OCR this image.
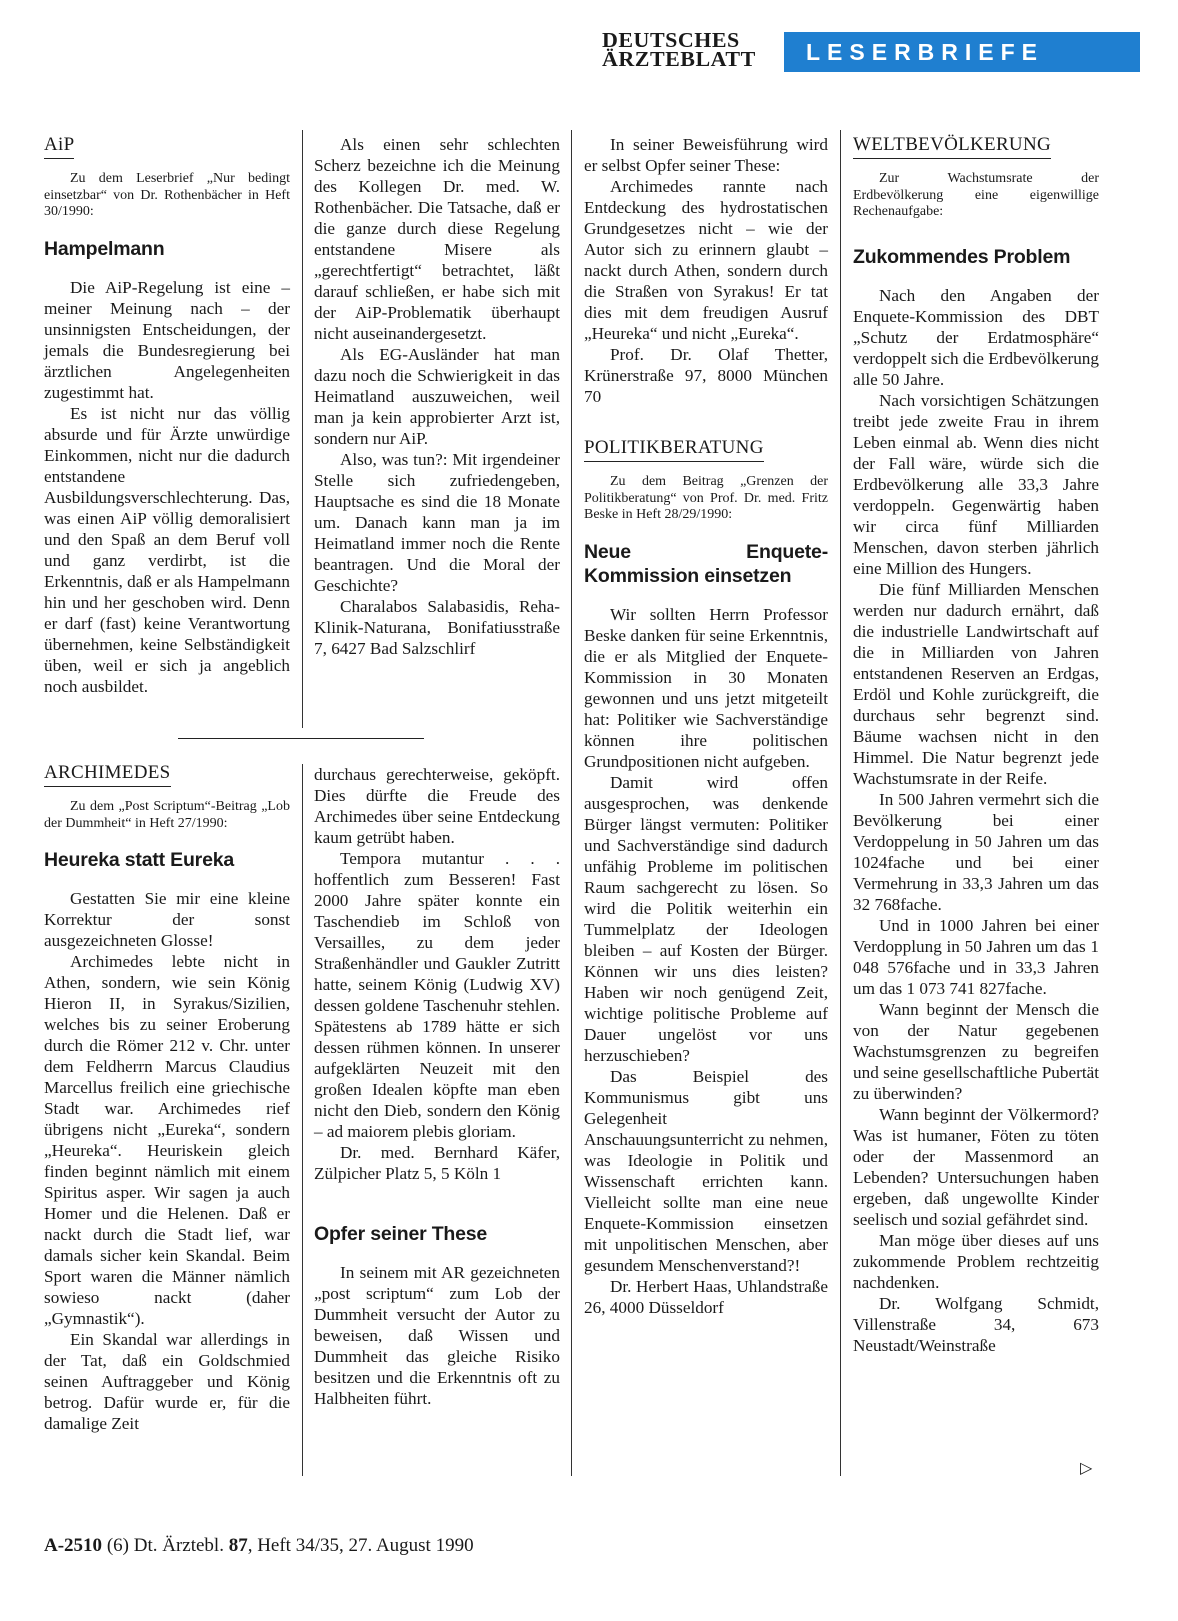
DEUTSCHES
ÄRZTEBLATT	LESERBRIEFE
AiP
Zu dem Leserbrief „Nur bedingt einsetzbar“ von Dr. Rothenbächer in Heft 30/1990:
Hampelmann

Die AiP-Regelung ist eine – meiner Meinung nach – der unsinnigsten Entscheidungen, der jemals die Bundesregierung bei ärztlichen Angelegenheiten zugestimmt hat.

Es ist nicht nur das völlig absurde und für Ärzte unwürdige Einkommen, nicht nur die dadurch entstandene Ausbildungsverschlechterung. Das, was einen AiP völlig demoralisiert und den Spaß an dem Beruf voll und ganz verdirbt, ist die Erkenntnis, daß er als Hampelmann hin und her geschoben wird. Denn er darf (fast) keine Verantwortung übernehmen, keine Selbständigkeit üben, weil er sich ja angeblich noch ausbildet.

Als einen sehr schlechten Scherz bezeichne ich die Meinung des Kollegen Dr. med. W. Rothenbächer. Die Tatsache, daß er die ganze durch diese Regelung entstandene Misere als „gerechtfertigt“ betrachtet, läßt darauf schließen, er habe sich mit der AiP-Problematik überhaupt nicht auseinandergesetzt.

Als EG-Ausländer hat man dazu noch die Schwierigkeit in das Heimatland auszuweichen, weil man ja kein approbierter Arzt ist, sondern nur AiP.

Also, was tun?: Mit irgendeiner Stelle sich zufriedengeben, Hauptsache es sind die 18 Monate um. Danach kann man ja im Heimatland immer noch die Rente beantragen. Und die Moral der Geschichte?

Charalabos Salabasidis, Reha-Klinik-Naturana, Bonifatiusstraße 7, 6427 Bad Salzschlirf

ARCHIMEDES
Zu dem „Post Scriptum“-Beitrag „Lob der Dummheit“ in Heft 27/1990:
Heureka statt Eureka

Gestatten Sie mir eine kleine Korrektur der sonst ausgezeichneten Glosse!

Archimedes lebte nicht in Athen, sondern, wie sein König Hieron II, in Syrakus/Sizilien, welches bis zu seiner Eroberung durch die Römer 212 v. Chr. unter dem Feldherrn Marcus Claudius Marcellus freilich eine griechische Stadt war. Archimedes rief übrigens nicht „Eureka“, sondern „Heureka“. Heuriskein gleich finden beginnt nämlich mit einem Spiritus asper. Wir sagen ja auch Homer und die Helenen. Daß er nackt durch die Stadt lief, war damals sicher kein Skandal. Beim Sport waren die Männer nämlich sowieso nackt (daher „Gymnastik“).

Ein Skandal war allerdings in der Tat, daß ein Goldschmied seinen Auftraggeber und König betrog. Dafür wurde er, für die damalige Zeit

durchaus gerechterweise, geköpft. Dies dürfte die Freude des Archimedes über seine Entdeckung kaum getrübt haben.

Tempora mutantur . . . hoffentlich zum Besseren! Fast 2000 Jahre später konnte ein Taschendieb im Schloß von Versailles, zu dem jeder Straßenhändler und Gaukler Zutritt hatte, seinem König (Ludwig XV) dessen goldene Taschenuhr stehlen. Spätestens ab 1789 hätte er sich dessen rühmen können. In unserer aufgeklärten Neuzeit mit den großen Idealen köpfte man eben nicht den Dieb, sondern den König – ad maiorem plebis gloriam.

Dr. med. Bernhard Käfer, Zülpicher Platz 5, 5 Köln 1

Opfer seiner These

In seinem mit AR gezeichneten „post scriptum“ zum Lob der Dummheit versucht der Autor zu beweisen, daß Wissen und Dummheit das gleiche Risiko besitzen und die Erkenntnis oft zu Halbheiten führt.

In seiner Beweisführung wird er selbst Opfer seiner These:

Archimedes rannte nach Entdeckung des hydrostatischen Grundgesetzes nicht – wie der Autor sich zu erinnern glaubt – nackt durch Athen, sondern durch die Straßen von Syrakus! Er tat dies mit dem freudigen Ausruf „Heureka“ und nicht „Eureka“.

Prof. Dr. Olaf Thetter, Krünerstraße 97, 8000 München 70

POLITIKBERATUNG
Zu dem Beitrag „Grenzen der Politikberatung“ von Prof. Dr. med. Fritz Beske in Heft 28/29/1990:
Neue Enquete-Kommission einsetzen

Wir sollten Herrn Professor Beske danken für seine Erkenntnis, die er als Mitglied der Enquete-Kommission in 30 Monaten gewonnen und uns jetzt mitgeteilt hat: Politiker wie Sachverständige können ihre politischen Grundpositionen nicht aufgeben.

Damit wird offen ausgesprochen, was denkende Bürger längst vermuten: Politiker und Sachverständige sind dadurch unfähig Probleme im politischen Raum sachgerecht zu lösen. So wird die Politik weiterhin ein Tummelplatz der Ideologen bleiben – auf Kosten der Bürger. Können wir uns dies leisten? Haben wir noch genügend Zeit, wichtige politische Probleme auf Dauer ungelöst vor uns herzuschieben?

Das Beispiel des Kommunismus gibt uns Gelegenheit Anschauungsunterricht zu nehmen, was Ideologie in Politik und Wissenschaft errichten kann. Vielleicht sollte man eine neue Enquete-Kommission einsetzen mit unpolitischen Menschen, aber gesundem Menschenverstand?!

Dr. Herbert Haas, Uhlandstraße 26, 4000 Düsseldorf

WELTBEVÖLKERUNG
Zur Wachstumsrate der Erdbevölkerung eine eigenwillige Rechenaufgabe:
Zukommendes Problem

Nach den Angaben der Enquete-Kommission des DBT „Schutz der Erdatmosphäre“ verdoppelt sich die Erdbevölkerung alle 50 Jahre.

Nach vorsichtigen Schätzungen treibt jede zweite Frau in ihrem Leben einmal ab. Wenn dies nicht der Fall wäre, würde sich die Erdbevölkerung alle 33,3 Jahre verdoppeln. Gegenwärtig haben wir circa fünf Milliarden Menschen, davon sterben jährlich eine Million des Hungers.

Die fünf Milliarden Menschen werden nur dadurch ernährt, daß die industrielle Landwirtschaft auf die in Milliarden von Jahren entstandenen Reserven an Erdgas, Erdöl und Kohle zurückgreift, die durchaus sehr begrenzt sind. Bäume wachsen nicht in den Himmel. Die Natur begrenzt jede Wachstumsrate in der Reife.

In 500 Jahren vermehrt sich die Bevölkerung bei einer Verdoppelung in 50 Jahren um das 1024fache und bei einer Vermehrung in 33,3 Jahren um das 32 768fache.

Und in 1000 Jahren bei einer Verdopplung in 50 Jahren um das 1 048 576fache und in 33,3 Jahren um das 1 073 741 827fache.

Wann beginnt der Mensch die von der Natur gegebenen Wachstumsgrenzen zu begreifen und seine gesellschaftliche Pubertät zu überwinden?

Wann beginnt der Völkermord? Was ist humaner, Föten zu töten oder der Massenmord an Lebenden? Untersuchungen haben ergeben, daß ungewollte Kinder seelisch und sozial gefährdet sind.

Man möge über dieses auf uns zukommende Problem rechtzeitig nachdenken.

Dr. Wolfgang Schmidt, Villenstraße 34, 673 Neustadt/Weinstraße

▷
A-2510 (6) Dt. Ärztebl. 87, Heft 34/35, 27. August 1990
